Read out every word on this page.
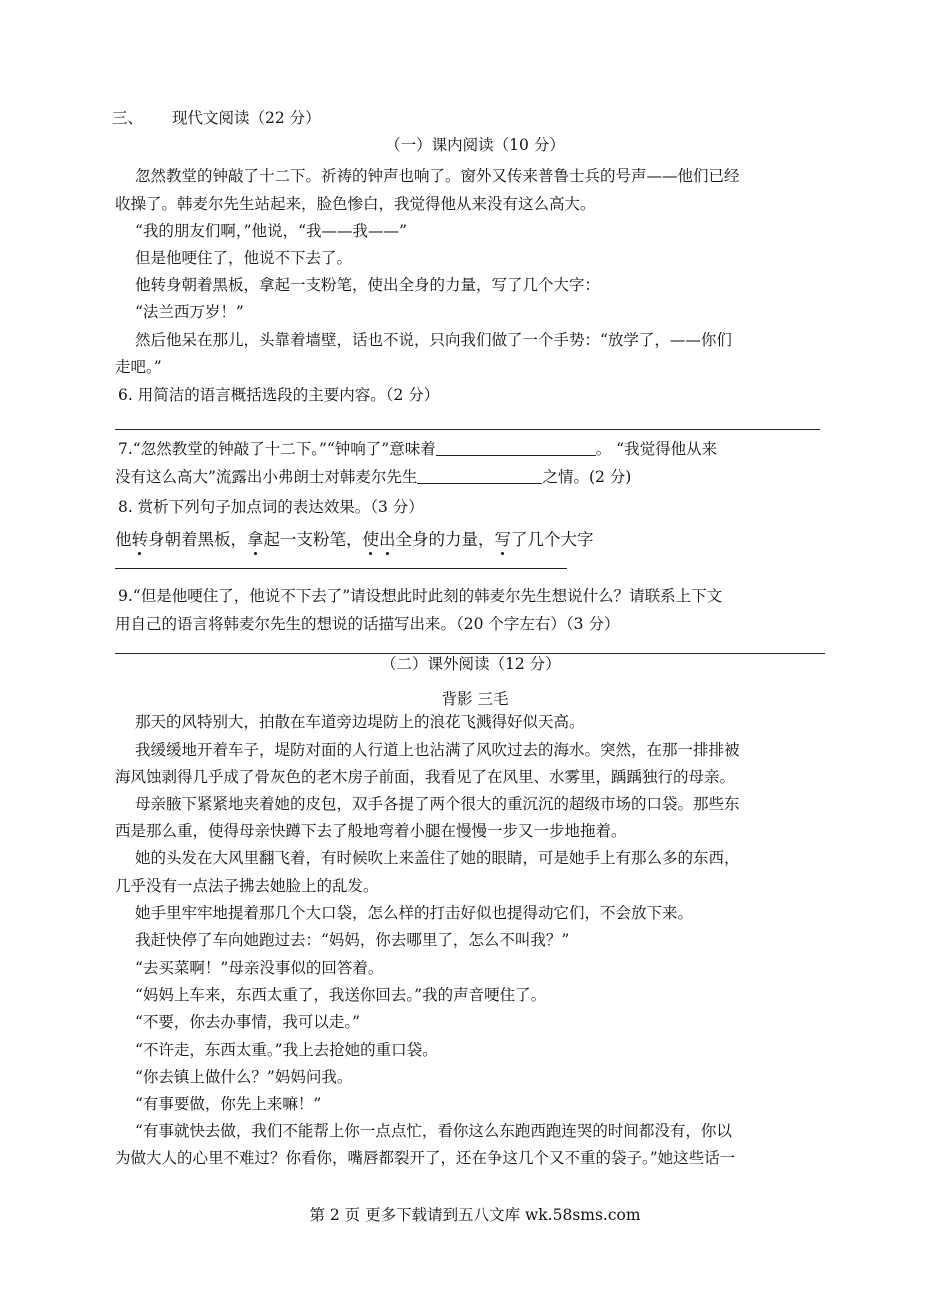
三、 现代文阅读（22 分）
（一）课内阅读（10 分）
忽然教堂的钟敲了十二下。祈祷的钟声也响了。窗外又传来普鲁士兵的号声——他们已经
收操了。韩麦尔先生站起来，脸色惨白，我觉得他从来没有这么高大。
“我的朋友们啊，”他说，“我——我——”
但是他哽住了，他说不下去了。
他转身朝着黑板，拿起一支粉笔，使出全身的力量，写了几个大字：
“法兰西万岁！”
然后他呆在那儿，头靠着墙壁，话也不说，只向我们做了一个手势：“放学了，——你们
走吧。”
6. 用简洁的语言概括选段的主要内容。（2 分）
7.“忽然教堂的钟敲了十二下。”“钟响了”意味着	。 “我觉得他从来
没有这么高大”流露出小弗朗士对韩麦尔先生	之情。(2 分)
8. 赏析下列句子加点词的表达效果。（3 分）
他转身朝着黑板，拿起一支粉笔，使出全身的力量，写了几个大字
9.“但是他哽住了，他说不下去了”请设想此时此刻的韩麦尔先生想说什么？请联系上下文
用自己的语言将韩麦尔先生的想说的话描写出来。（20 个字左右）（3 分）
（二）课外阅读（12 分）
背影 三毛
那天的风特别大，拍散在车道旁边堤防上的浪花飞溅得好似天高。
我缓缓地开着车子，堤防对面的人行道上也沾满了风吹过去的海水。突然，在那一排排被
海风蚀剥得几乎成了骨灰色的老木房子前面，我看见了在风里、水雾里，踽踽独行的母亲。
母亲腋下紧紧地夹着她的皮包，双手各提了两个很大的重沉沉的超级市场的口袋。那些东
西是那么重，使得母亲快蹲下去了般地弯着小腿在慢慢一步又一步地拖着。
她的头发在大风里翻飞着，有时候吹上来盖住了她的眼睛，可是她手上有那么多的东西，
几乎没有一点法子拂去她脸上的乱发。
她手里牢牢地提着那几个大口袋，怎么样的打击好似也提得动它们，不会放下来。
我赶快停了车向她跑过去：“妈妈，你去哪里了，怎么不叫我？”
“去买菜啊！”母亲没事似的回答着。
“妈妈上车来，东西太重了，我送你回去。”我的声音哽住了。
“不要，你去办事情，我可以走。”
“不许走，东西太重。”我上去抢她的重口袋。
“你去镇上做什么？”妈妈问我。
“有事要做，你先上来嘛！”
“有事就快去做，我们不能帮上你一点点忙，看你这么东跑西跑连哭的时间都没有，你以
为做大人的心里不难过？你看你，嘴唇都裂开了，还在争这几个又不重的袋子。”她这些话一
第 2 页 更多下载请到五八文库 wk.58sms.com
